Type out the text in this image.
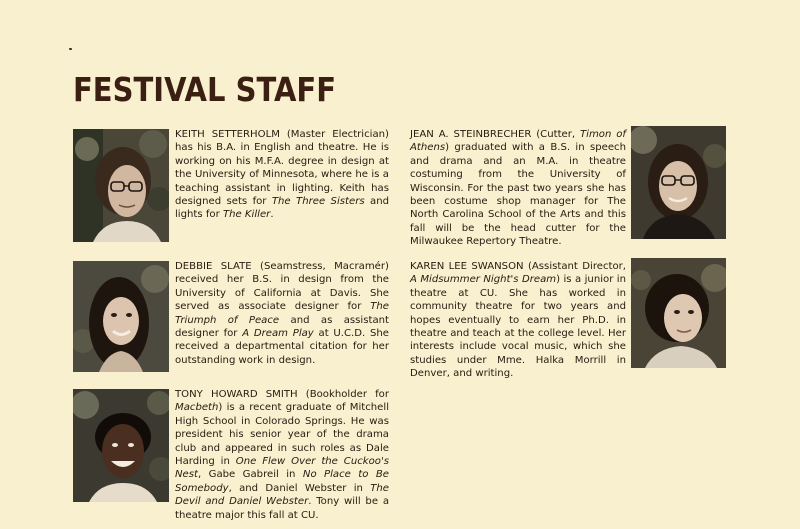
FESTIVAL STAFF
KEITH SETTERHOLM (Master Electrician) has his B.A. in English and theatre. He is working on his M.F.A. degree in design at the University of Minnesota, where he is a teaching assistant in lighting. Keith has designed sets for The Three Sisters and lights for The Killer.
JEAN A. STEINBRECHER (Cutter, Timon of Athens) graduated with a B.S. in speech and drama and an M.A. in theatre costuming from the University of Wisconsin. For the past two years she has been costume shop manager for The North Carolina School of the Arts and this fall will be the head cutter for the Milwaukee Repertory Theatre.
DEBBIE SLATE (Seamstress, Macramér) received her B.S. in design from the University of California at Davis. She served as associate designer for The Triumph of Peace and as assistant designer for A Dream Play at U.C.D. She received a departmental citation for her outstanding work in design.
KAREN LEE SWANSON (Assistant Director, A Midsummer Night's Dream) is a junior in theatre at CU. She has worked in community theatre for two years and hopes eventually to earn her Ph.D. in theatre and teach at the college level. Her interests include vocal music, which she studies under Mme. Halka Morrill in Denver, and writing.
TONY HOWARD SMITH (Bookholder for Macbeth) is a recent graduate of Mitchell High School in Colorado Springs. He was president his senior year of the drama club and appeared in such roles as Dale Harding in One Flew Over the Cuckoo's Nest, Gabe Gabreil in No Place to Be Somebody, and Daniel Webster in The Devil and Daniel Webster. Tony will be a theatre major this fall at CU.
